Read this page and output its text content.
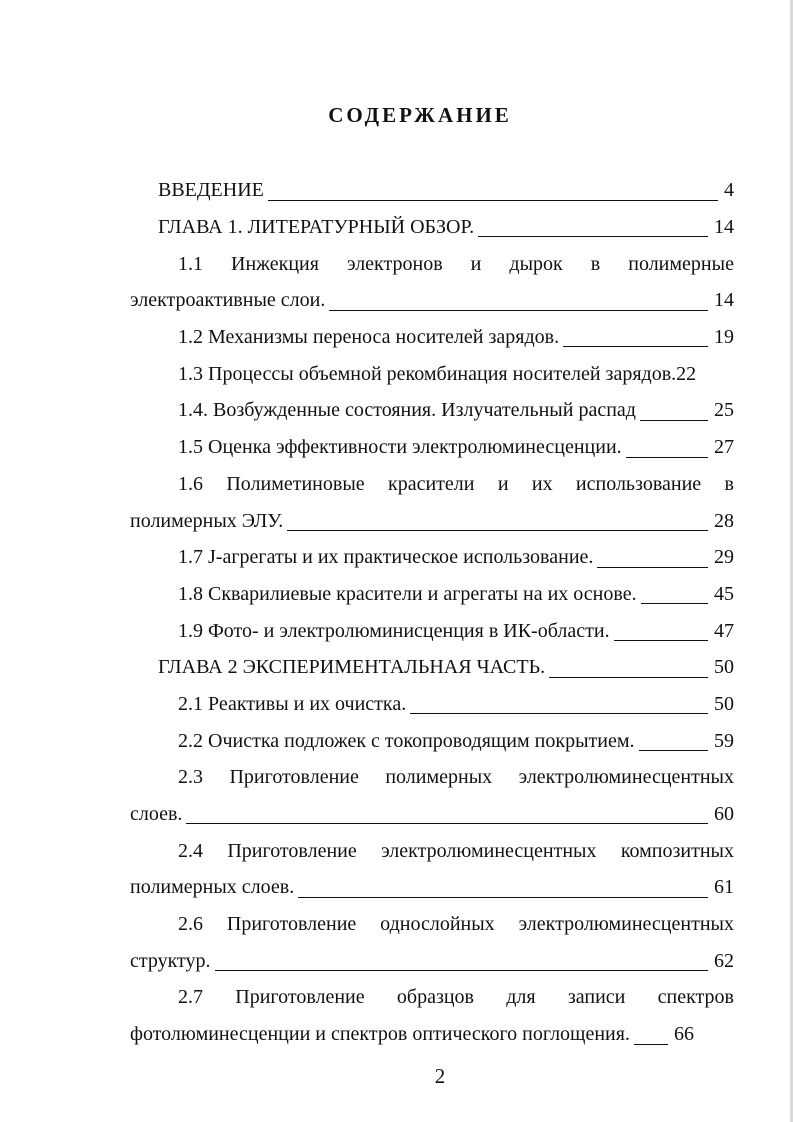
СОДЕРЖАНИЕ
ВВЕДЕНИЕ	4
ГЛАВА 1. ЛИТЕРАТУРНЫЙ ОБЗОР.	14
1.1 Инжекция электронов и дырок в полимерные
электроактивные слои.	14
1.2 Механизмы переноса носителей зарядов.	19
1.3 Процессы объемной рекомбинация носителей зарядов.22
1.4. Возбужденные состояния. Излучательный распад	25
1.5 Оценка эффективности электролюминесценции.	27
1.6 Полиметиновые красители и их использование в
полимерных ЭЛУ.	28
1.7 J-агрегаты и их практическое использование.	29
1.8 Скварилиевые красители и агрегаты на их основе.	45
1.9 Фото- и электролюминисценция в ИК-области.	47
ГЛАВА 2 ЭКСПЕРИМЕНТАЛЬНАЯ ЧАСТЬ.	50
2.1 Реактивы и их очистка.	50
2.2 Очистка подложек с токопроводящим покрытием.	59
2.3 Приготовление полимерных электролюминесцентных
слоев.	60
2.4 Приготовление электролюминесцентных композитных
полимерных слоев.	61
2.6 Приготовление однослойных электролюминесцентных
структур.	62
2.7 Приготовление образцов для записи спектров
фотолюминесценции и спектров оптического поглощения. 66
2
